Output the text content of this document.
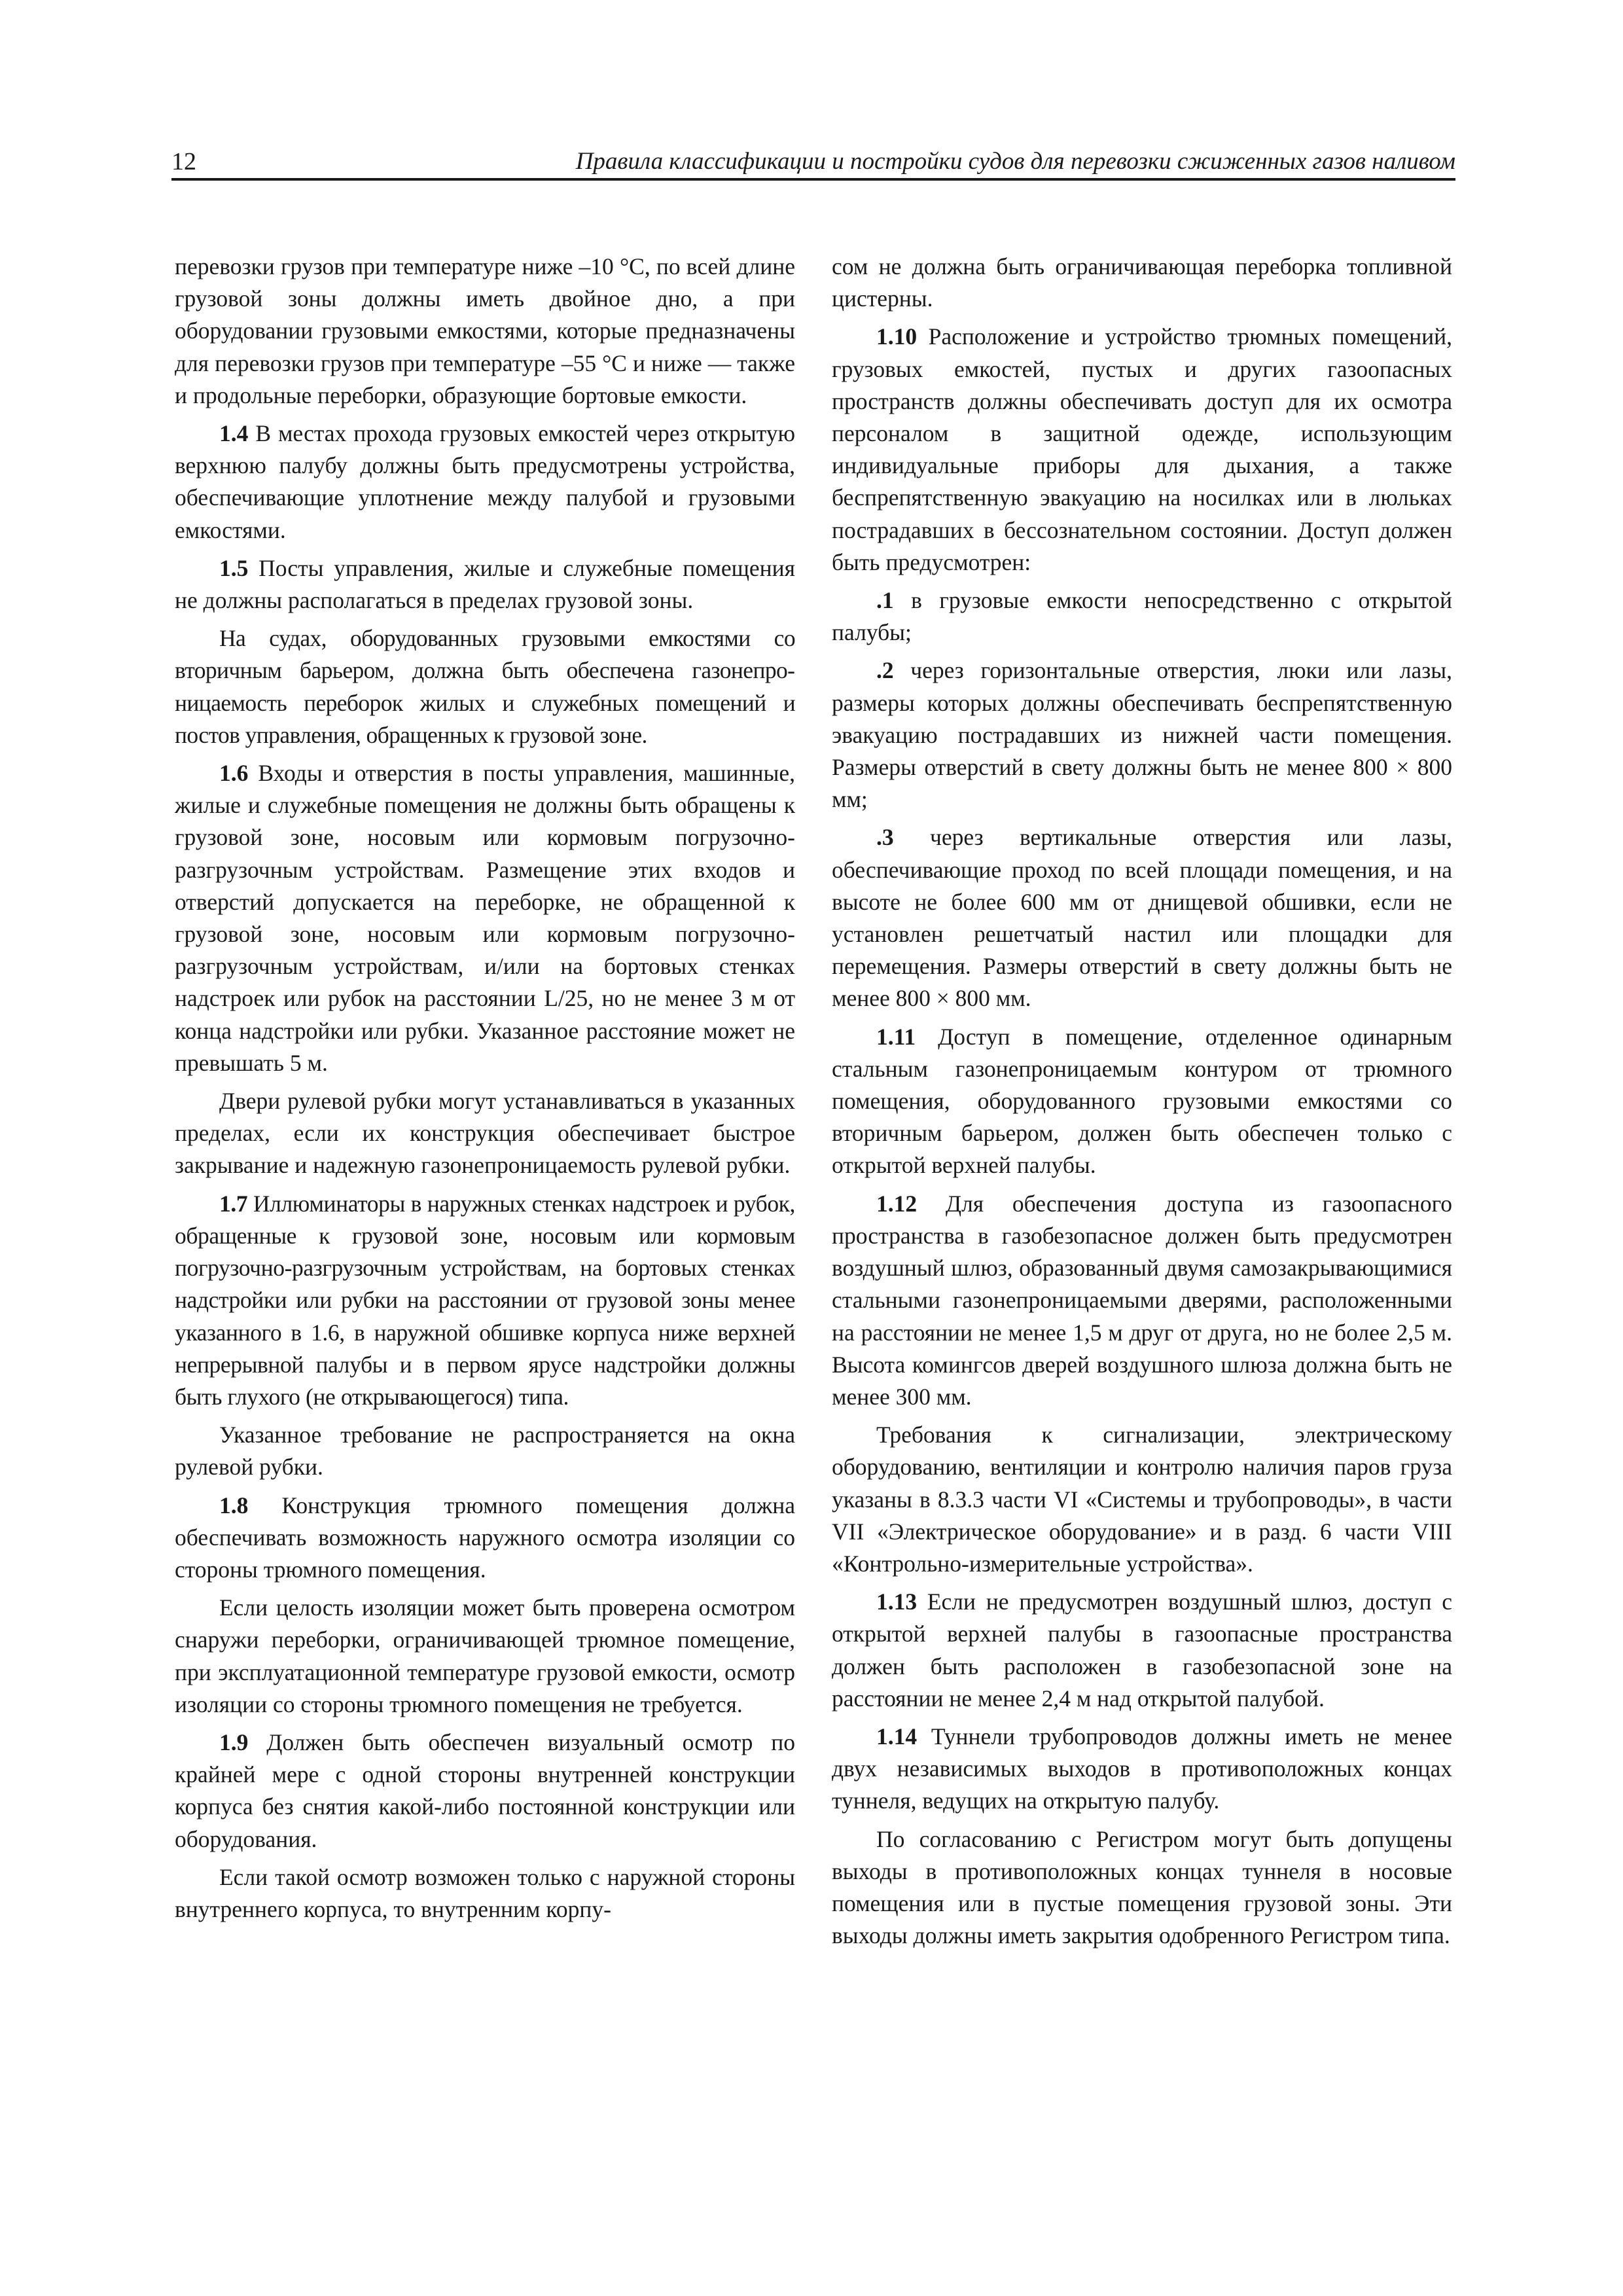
12	Правила классификации и постройки судов для перевозки сжиженных газов наливом

перевозки грузов при температуре ниже –10 °С, по всей длине грузовой зоны должны иметь двойное дно, а при оборудовании грузовыми емкостями, которые предназначены для перевозки грузов при температуре –55 °С и ниже — также и продольные переборки, образующие бортовые емкости.

1.4 В местах прохода грузовых емкостей через открытую верхнюю палубу должны быть предусмотрены устройства, обеспечивающие уплотнение между палубой и грузовыми емкостями.

1.5 Посты управления, жилые и служебные помещения не должны располагаться в пределах грузовой зоны.

На судах, оборудованных грузовыми емкостями со вторичным барьером, должна быть обеспечена газонепроницаемость переборок жилых и служебных помещений и постов управления, обращенных к грузовой зоне.

1.6 Входы и отверстия в посты управления, машинные, жилые и служебные помещения не должны быть обращены к грузовой зоне, носовым или кормовым погрузочно-разгрузочным устройствам. Размещение этих входов и отверстий допускается на переборке, не обращенной к грузовой зоне, носовым или кормовым погрузочно-разгрузочным устройствам, и/или на бортовых стенках надстроек или рубок на расстоянии L/25, но не менее 3 м от конца надстройки или рубки. Указанное расстояние может не превышать 5 м.

Двери рулевой рубки могут устанавливаться в указанных пределах, если их конструкция обеспечивает быстрое закрывание и надежную газонепроницаемость рулевой рубки.

1.7 Иллюминаторы в наружных стенках надстроек и рубок, обращенные к грузовой зоне, носовым или кормовым погрузочно-разгрузочным устройствам, на бортовых стенках надстройки или рубки на расстоянии от грузовой зоны менее указанного в 1.6, в наружной обшивке корпуса ниже верхней непрерывной палубы и в первом ярусе надстройки должны быть глухого (не открывающегося) типа.

Указанное требование не распространяется на окна рулевой рубки.

1.8 Конструкция трюмного помещения должна обеспечивать возможность наружного осмотра изоляции со стороны трюмного помещения.

Если целость изоляции может быть проверена осмотром снаружи переборки, ограничивающей трюмное помещение, при эксплуатационной температуре грузовой емкости, осмотр изоляции со стороны трюмного помещения не требуется.

1.9 Должен быть обеспечен визуальный осмотр по крайней мере с одной стороны внутренней конструкции корпуса без снятия какой-либо постоянной конструкции или оборудования.

Если такой осмотр возможен только с наружной стороны внутреннего корпуса, то внутренним корпу-

сом не должна быть ограничивающая переборка топливной цистерны.

1.10 Расположение и устройство трюмных помещений, грузовых емкостей, пустых и других газоопасных пространств должны обеспечивать доступ для их осмотра персоналом в защитной одежде, использующим индивидуальные приборы для дыхания, а также беспрепятственную эвакуацию на носилках или в люльках пострадавших в бессознательном состоянии. Доступ должен быть предусмотрен:

.1 в грузовые емкости непосредственно с открытой палубы;

.2 через горизонтальные отверстия, люки или лазы, размеры которых должны обеспечивать беспрепятственную эвакуацию пострадавших из нижней части помещения. Размеры отверстий в свету должны быть не менее 800 × 800 мм;

.3 через вертикальные отверстия или лазы, обеспечивающие проход по всей площади помещения, и на высоте не более 600 мм от днищевой обшивки, если не установлен решетчатый настил или площадки для перемещения. Размеры отверстий в свету должны быть не менее 800 × 800 мм.

1.11 Доступ в помещение, отделенное одинарным стальным газонепроницаемым контуром от трюмного помещения, оборудованного грузовыми емкостями со вторичным барьером, должен быть обеспечен только с открытой верхней палубы.

1.12 Для обеспечения доступа из газоопасного пространства в газобезопасное должен быть предусмотрен воздушный шлюз, образованный двумя самозакрывающимися стальными газонепроницаемыми дверями, расположенными на расстоянии не менее 1,5 м друг от друга, но не более 2,5 м. Высота комингсов дверей воздушного шлюза должна быть не менее 300 мм.

Требования к сигнализации, электрическому оборудованию, вентиляции и контролю наличия паров груза указаны в 8.3.3 части VI «Системы и трубопроводы», в части VII «Электрическое оборудование» и в разд. 6 части VIII «Контрольно-измерительные устройства».

1.13 Если не предусмотрен воздушный шлюз, доступ с открытой верхней палубы в газоопасные пространства должен быть расположен в газобезопасной зоне на расстоянии не менее 2,4 м над открытой палубой.

1.14 Туннели трубопроводов должны иметь не менее двух независимых выходов в противоположных концах туннеля, ведущих на открытую палубу.

По согласованию с Регистром могут быть допущены выходы в противоположных концах туннеля в носовые помещения или в пустые помещения грузовой зоны. Эти выходы должны иметь закрытия одобренного Регистром типа.
